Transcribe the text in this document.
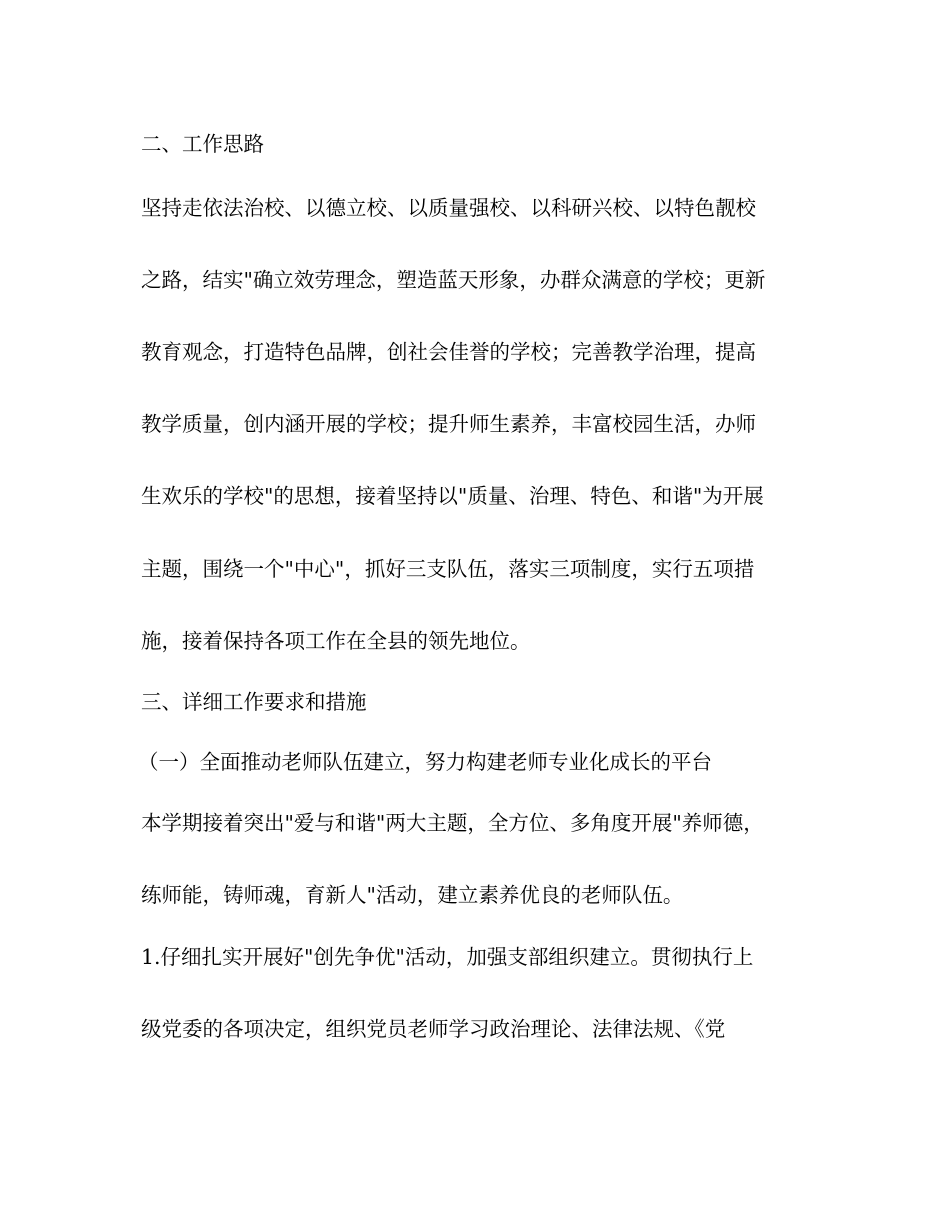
二、工作思路
坚持走依法治校、以德立校、以质量强校、以科研兴校、以特色靓校
之路，结实"确立效劳理念，塑造蓝天形象，办群众满意的学校；更新
教育观念，打造特色品牌，创社会佳誉的学校；完善教学治理，提高
教学质量，创内涵开展的学校；提升师生素养，丰富校园生活，办师
生欢乐的学校"的思想，接着坚持以"质量、治理、特色、和谐"为开展
主题，围绕一个"中心"，抓好三支队伍，落实三项制度，实行五项措
施，接着保持各项工作在全县的领先地位。
三、详细工作要求和措施
（一）全面推动老师队伍建立，努力构建老师专业化成长的平台
本学期接着突出"爱与和谐"两大主题，全方位、多角度开展"养师德，
练师能，铸师魂，育新人"活动，建立素养优良的老师队伍。
1.仔细扎实开展好"创先争优"活动，加强支部组织建立。贯彻执行上
级党委的各项决定，组织党员老师学习政治理论、法律法规、《党
